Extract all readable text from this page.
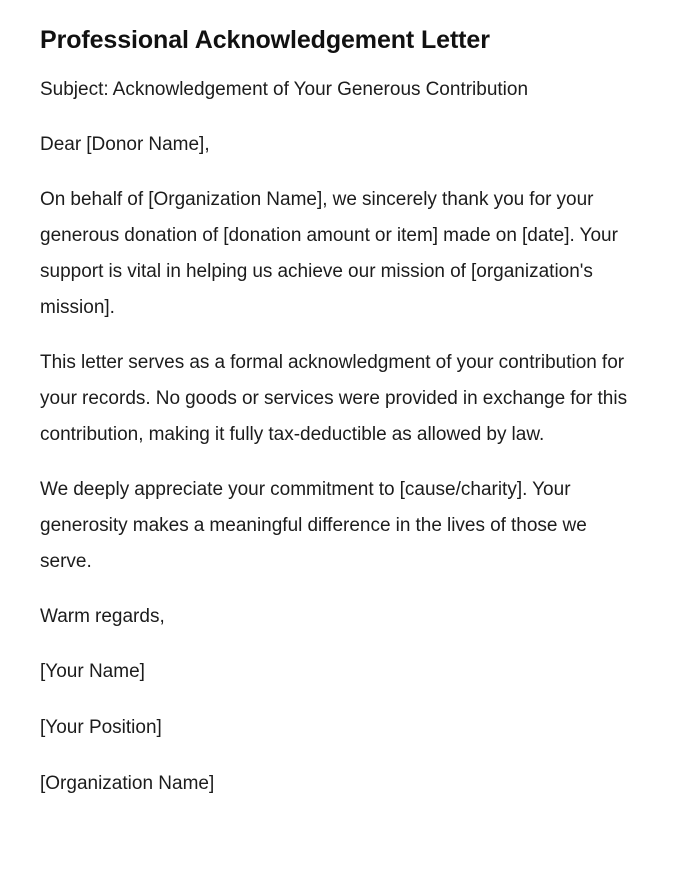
Professional Acknowledgement Letter

Subject: Acknowledgement of Your Generous Contribution

Dear [Donor Name],

On behalf of [Organization Name], we sincerely thank you for your generous donation of [donation amount or item] made on [date]. Your support is vital in helping us achieve our mission of [organization's mission].

This letter serves as a formal acknowledgment of your contribution for your records. No goods or services were provided in exchange for this contribution, making it fully tax-deductible as allowed by law.

We deeply appreciate your commitment to [cause/charity]. Your generosity makes a meaningful difference in the lives of those we serve.

Warm regards,

[Your Name]

[Your Position]

[Organization Name]
